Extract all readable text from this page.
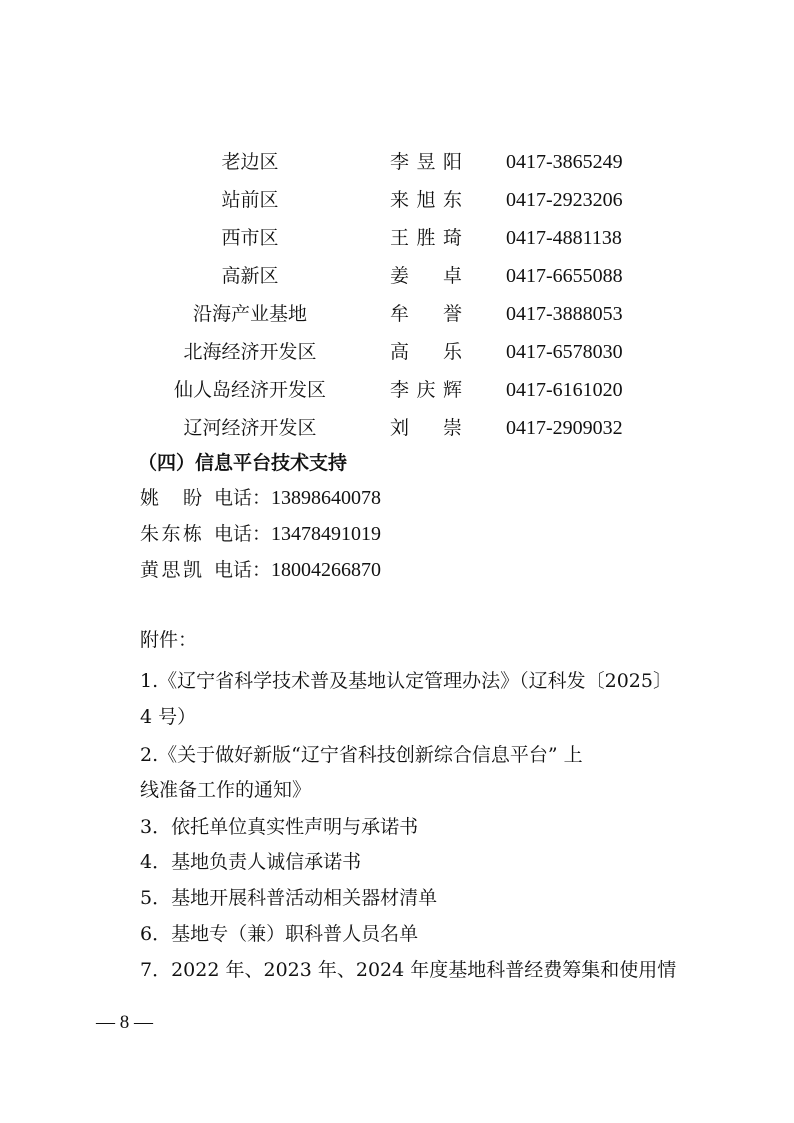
老边区	李昱阳 0417-3865249
站前区	来旭东 0417-2923206
西市区	王胜琦 0417-4881138
高新区	姜卓 0417-6655088
沿海产业基地	牟誉 0417-3888053
北海经济开发区	高乐 0417-6578030
仙人岛经济开发区	李庆辉 0417-6161020
辽河经济开发区	刘崇 0417-2909032
（四）信息平台技术支持
姚盼 电话：13898640078
朱东栋 电话：13478491019
黄思凯 电话：18004266870
附件：
1.《辽宁省科学技术普及基地认定管理办法》（辽科发〔2025〕
4 号）
2.《关于做好新版“辽宁省科技创新综合信息平台” 上
线准备工作的通知》
3．依托单位真实性声明与承诺书
4．基地负责人诚信承诺书
5．基地开展科普活动相关器材清单
6．基地专（兼）职科普人员名单
7．2022 年、2023 年、2024 年度基地科普经费筹集和使用情
— 8 —
